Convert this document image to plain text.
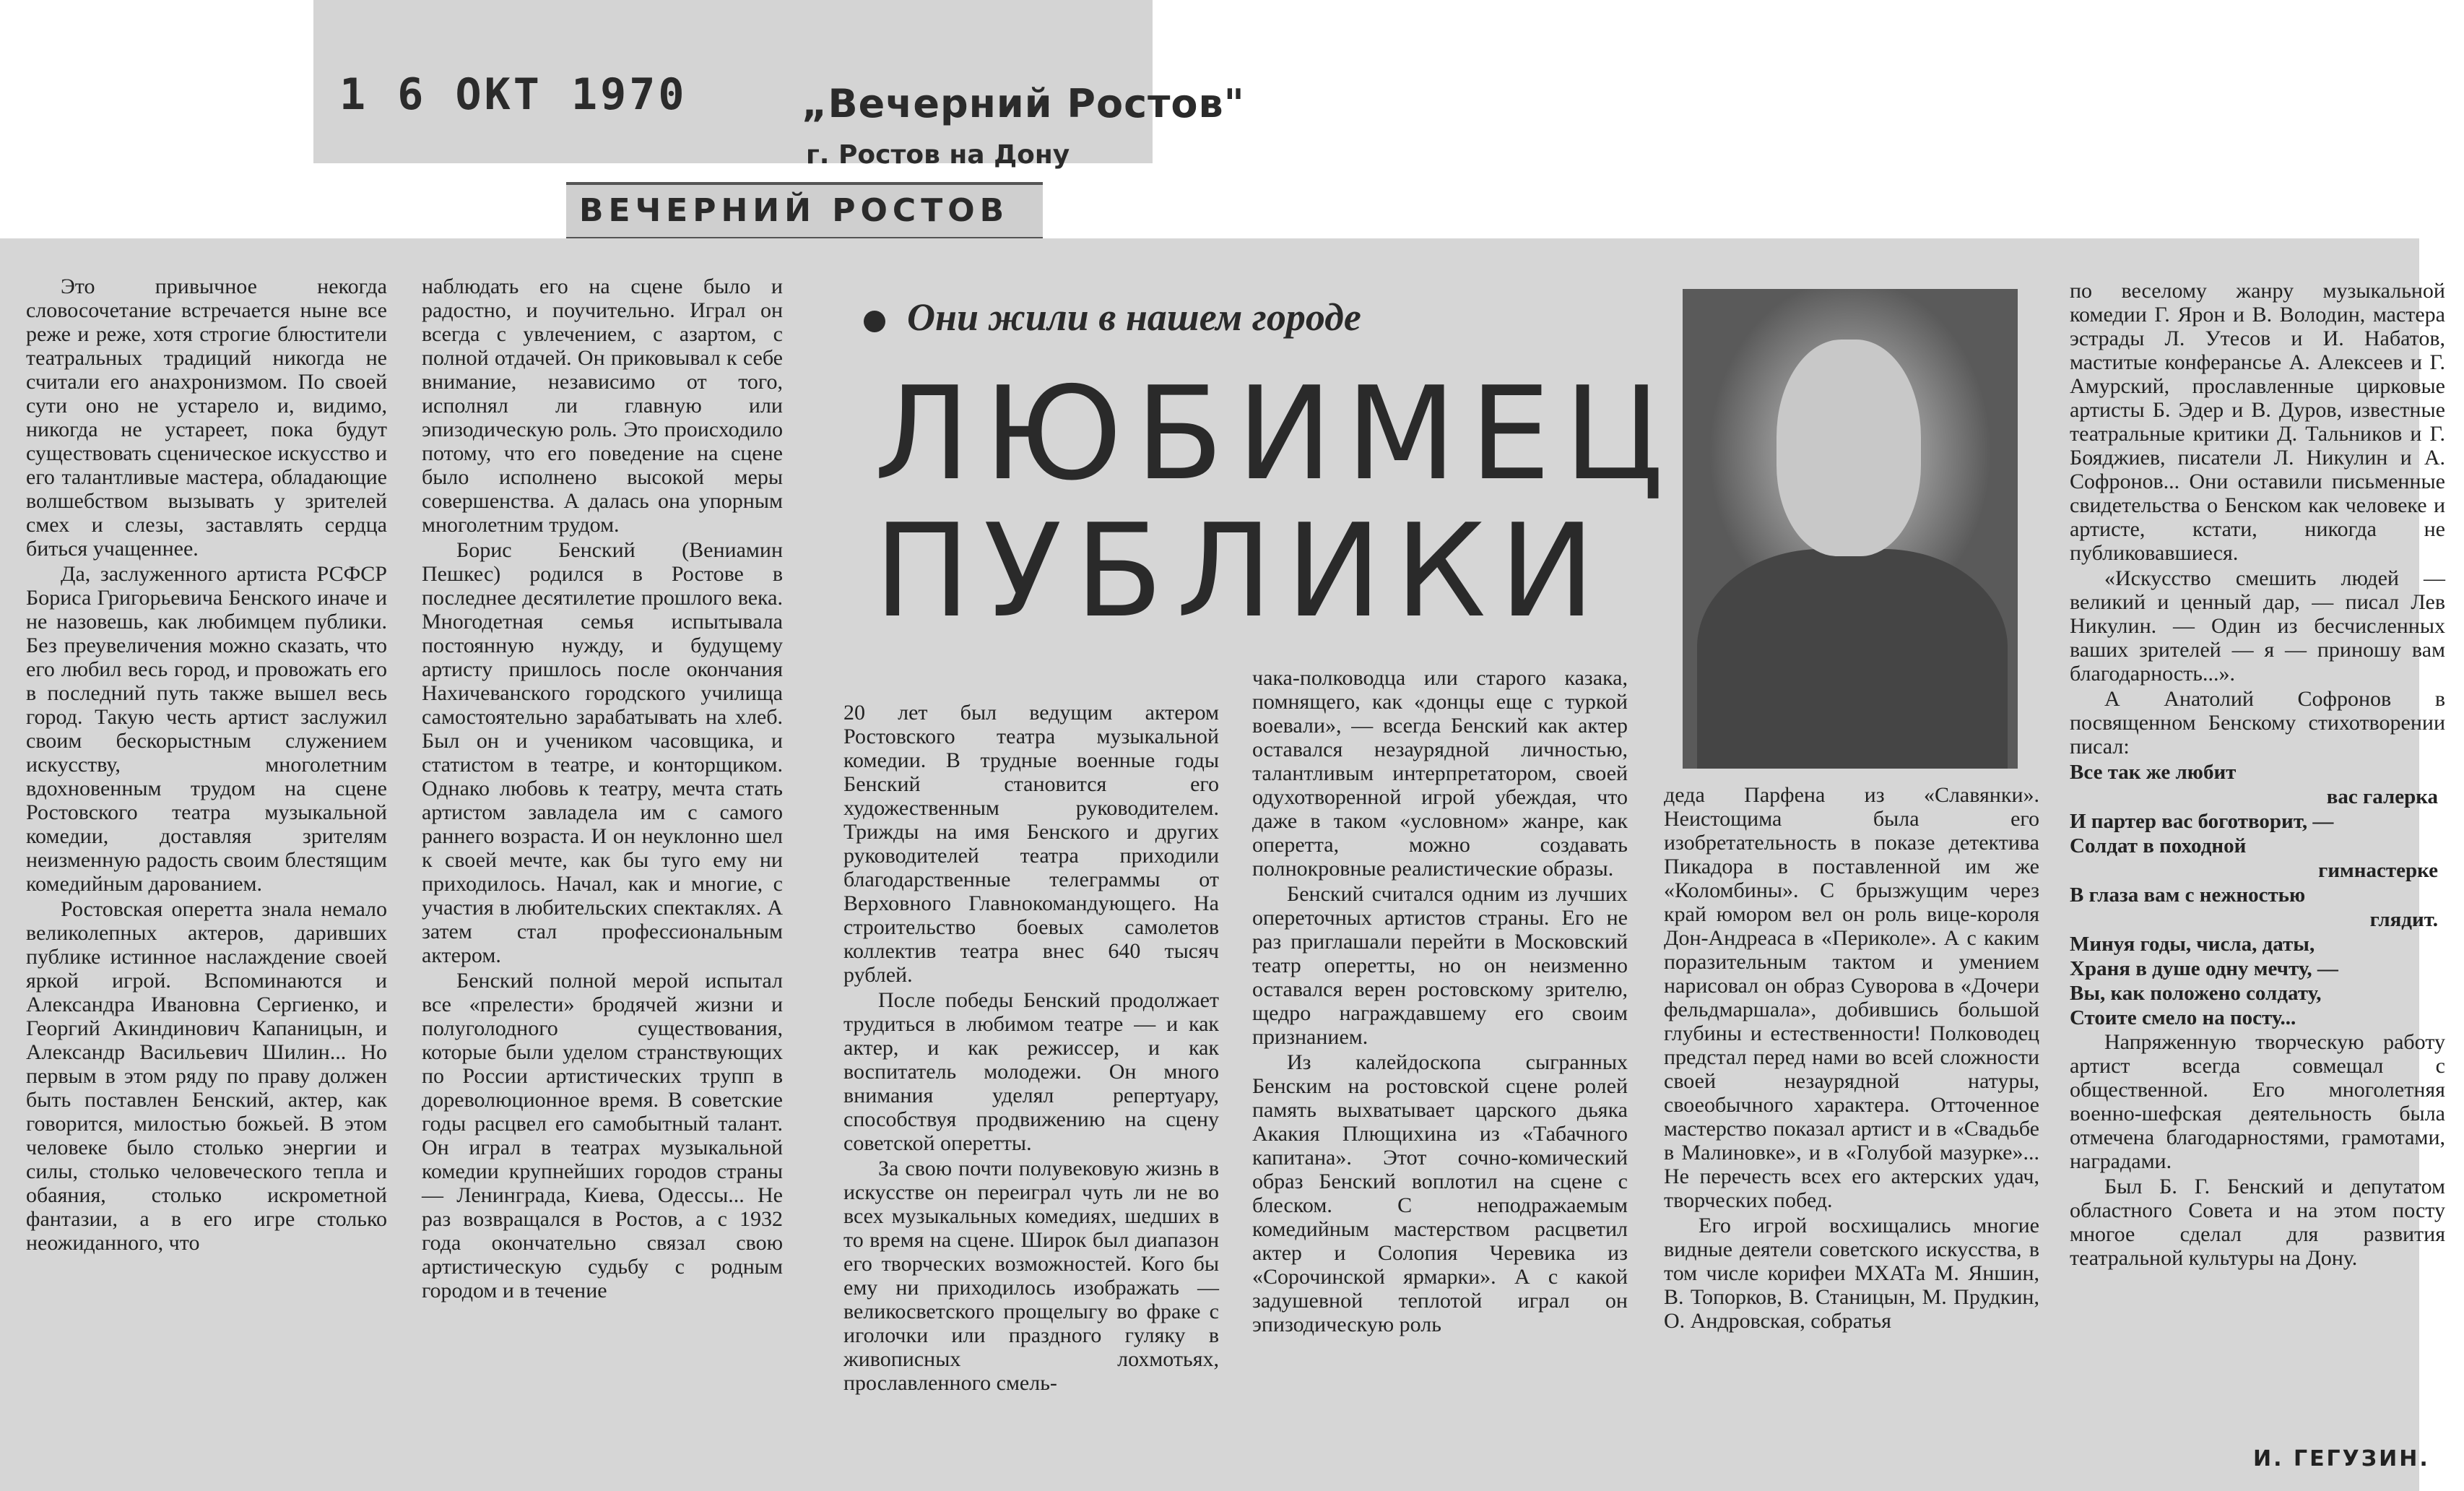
1 6 ОКТ 1970	„Вечерний Ростов"
г. Ростов на Дону
ВЕЧЕРНИЙ РОСТОВ

Это привычное некогда словосочетание встречается ныне все реже и реже, хотя строгие блюстители театральных традиций никогда не считали его анахронизмом. По своей сути оно не устарело и, видимо, никогда не устареет, пока будут существовать сценическое искусство и его талантливые мастера, обладающие волшебством вызывать у зрителей смех и слезы, заставлять сердца биться учащеннее.

Да, заслуженного артиста РСФСР Бориса Григорьевича Бенского иначе и не назовешь, как любимцем публики. Без преувеличения можно сказать, что его любил весь город, и провожать его в последний путь также вышел весь город. Такую честь артист заслужил своим бескорыстным служением искусству, многолетним вдохновенным трудом на сцене Ростовского театра музыкальной комедии, доставляя зрителям неизменную радость своим блестящим комедийным дарованием.

Ростовская оперетта знала немало великолепных актеров, даривших публике истинное наслаждение своей яркой игрой. Вспоминаются и Александра Ивановна Сергиенко, и Георгий Акиндинович Капаницын, и Александр Васильевич Шилин... Но первым в этом ряду по праву должен быть поставлен Бенский, актер, как говорится, милостью божьей. В этом человеке было столько энергии и силы, столько человеческого тепла и обаяния, столько искрометной фантазии, а в его игре столько неожиданного, что

наблюдать его на сцене было и радостно, и поучительно. Играл он всегда с увлечением, с азартом, с полной отдачей. Он приковывал к себе внимание, независимо от того, исполнял ли главную или эпизодическую роль. Это происходило потому, что его поведение на сцене было исполнено высокой меры совершенства. А далась она упорным многолетним трудом.

Борис Бенский (Вениамин Пешкес) родился в Ростове в последнее десятилетие прошлого века. Многодетная семья испытывала постоянную нужду, и будущему артисту пришлось после окончания Нахичеванского городского училища самостоятельно зарабатывать на хлеб. Был он и учеником часовщика, и статистом в театре, и конторщиком. Однако любовь к театру, мечта стать артистом завладела им с самого раннего возраста. И он неуклонно шел к своей мечте, как бы туго ему ни приходилось. Начал, как и многие, с участия в любительских спектаклях. А затем стал профессиональным актером.

Бенский полной мерой испытал все «прелести» бродячей жизни и полуголодного существования, которые были уделом странствующих по России артистических трупп в дореволюционное время. В советские годы расцвел его самобытный талант. Он играл в театрах музыкальной комедии крупнейших городов страны — Ленинграда, Киева, Одессы... Не раз возвращался в Ростов, а с 1932 года окончательно связал свою артистическую судьбу с родным городом и в течение

Они жили в нашем городе
ЛЮБИМЕЦ
ПУБЛИКИ

20 лет был ведущим актером Ростовского театра музыкальной комедии. В трудные военные годы Бенский становится его художественным руководителем. Трижды на имя Бенского и других руководителей театра приходили благодарственные телеграммы от Верховного Главнокомандующего. На строительство боевых самолетов коллектив театра внес 640 тысяч рублей.

После победы Бенский продолжает трудиться в любимом театре — и как актер, и как режиссер, и как воспитатель молодежи. Он много внимания уделял репертуару, способствуя продвижению на сцену советской оперетты.

За свою почти полувековую жизнь в искусстве он переиграл чуть ли не во всех музыкальных комедиях, шедших в то время на сцене. Широк был диапазон его творческих возможностей. Кого бы ему ни приходилось изображать — великосветского прощелыгу во фраке с иголочки или праздного гуляку в живописных лохмотьях, прославленного смель-

чака-полководца или старого казака, помнящего, как «донцы еще с туркой воевали», — всегда Бенский как актер оставался незаурядной личностью, талантливым интерпретатором, своей одухотворенной игрой убеждая, что даже в таком «условном» жанре, как оперетта, можно создавать полнокровные реалистические образы.

Бенский считался одним из лучших опереточных артистов страны. Его не раз приглашали перейти в Московский театр оперетты, но он неизменно оставался верен ростовскому зрителю, щедро награждавшему его своим признанием.

Из калейдоскопа сыгранных Бенским на ростовской сцене ролей память выхватывает царского дьяка Акакия Плющихина из «Табачного капитана». Этот сочно-комический образ Бенский воплотил на сцене с блеском. С неподражаемым комедийным мастерством расцветил актер и Солопия Черевика из «Сорочинской ярмарки». А с какой задушевной теплотой играл он эпизодическую роль

деда Парфена из «Славянки». Неистощима была его изобретательность в показе детектива Пикадора в поставленной им же «Коломбины». С брызжущим через край юмором вел он роль вице-короля Дон-Андреаса в «Периколе». А с каким поразительным тактом и умением нарисовал он образ Суворова в «Дочери фельдмаршала», добившись большой глубины и естественности! Полководец предстал перед нами во всей сложности своей незаурядной натуры, своеобычного характера. Отточенное мастерство показал артист и в «Свадьбе в Малиновке», и в «Голубой мазурке»... Не перечесть всех его актерских удач, творческих побед.

Его игрой восхищались многие видные деятели советского искусства, в том числе корифеи МХАТа М. Яншин, В. Топорков, В. Станицын, М. Прудкин, О. Андровская, собратья

по веселому жанру музыкальной комедии Г. Ярон и В. Володин, мастера эстрады Л. Утесов и И. Набатов, маститые конферансье А. Алексеев и Г. Амурский, прославленные цирковые артисты Б. Эдер и В. Дуров, известные театральные критики Д. Тальников и Г. Бояджиев, писатели Л. Никулин и А. Софронов... Они оставили письменные свидетельства о Бенском как человеке и артисте, кстати, никогда не публиковавшиеся.

«Искусство смешить людей — великий и ценный дар, — писал Лев Никулин. — Один из бесчисленных ваших зрителей — я — приношу вам благодарность...».

А Анатолий Софронов в посвященном Бенскому стихотворении писал:

Все так же любит
вас галерка
И партер вас боготворит, —
Солдат в походной
гимнастерке
В глаза вам с нежностью
глядит.
Минуя годы, числа, даты,
Храня в душе одну мечту, —
Вы, как положено солдату,
Стоите смело на посту...

Напряженную творческую работу артист всегда совмещал с общественной. Его многолетняя военно-шефская деятельность была отмечена благодарностями, грамотами, наградами.

Был Б. Г. Бенский и депутатом областного Совета и на этом посту многое сделал для развития театральной культуры на Дону.

И. ГЕГУЗИН.
